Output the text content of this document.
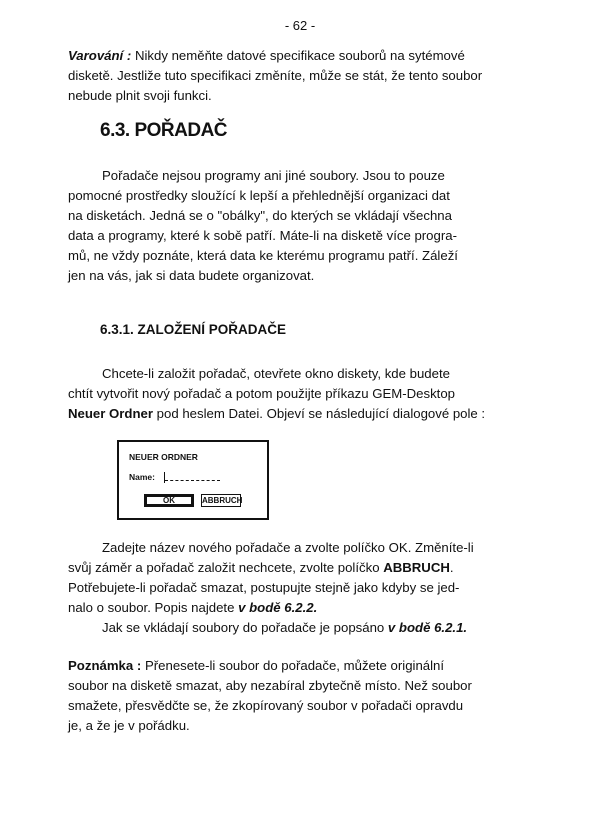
- 62 -

Varování : Nikdy neměňte datové specifikace souborů na sytémové
disketě. Jestliže tuto specifikaci změníte, může se stát, že tento soubor
nebude plnit svoji funkci.

6.3. POŘADAČ

Pořadače nejsou programy ani jiné soubory. Jsou to pouze
pomocné prostředky sloužící k lepší a přehlednější organizaci dat
na disketách. Jedná se o "obálky", do kterých se vkládají všechna
data a programy, které k sobě patří. Máte-li na disketě více progra-
mů, ne vždy poznáte, která data ke kterému programu patří. Záleží
jen na vás, jak si data budete organizovat.

6.3.1. ZALOŽENÍ POŘADAČE

Chcete-li založit pořadač, otevřete okno diskety, kde budete
chtít vytvořit nový pořadač a potom použijte příkazu GEM-Desktop
Neuer Ordner pod heslem Datei. Objeví se následující dialogové pole :

NEUER ORDNER
Name:
OK	ABBRUCH

Zadejte název nového pořadače a zvolte políčko OK. Změníte-li
svůj záměr a pořadač založit nechcete, zvolte políčko ABBRUCH.
Potřebujete-li pořadač smazat, postupujte stejně jako kdyby se jed-
nalo o soubor. Popis najdete v bodě 6.2.2.
Jak se vkládají soubory do pořadače je popsáno v bodě 6.2.1.

Poznámka : Přenesete-li soubor do pořadače, můžete originální
soubor na disketě smazat, aby nezabíral zbytečně místo. Než soubor
smažete, přesvědčte se, že zkopírovaný soubor v pořadači opravdu
je, a že je v pořádku.
